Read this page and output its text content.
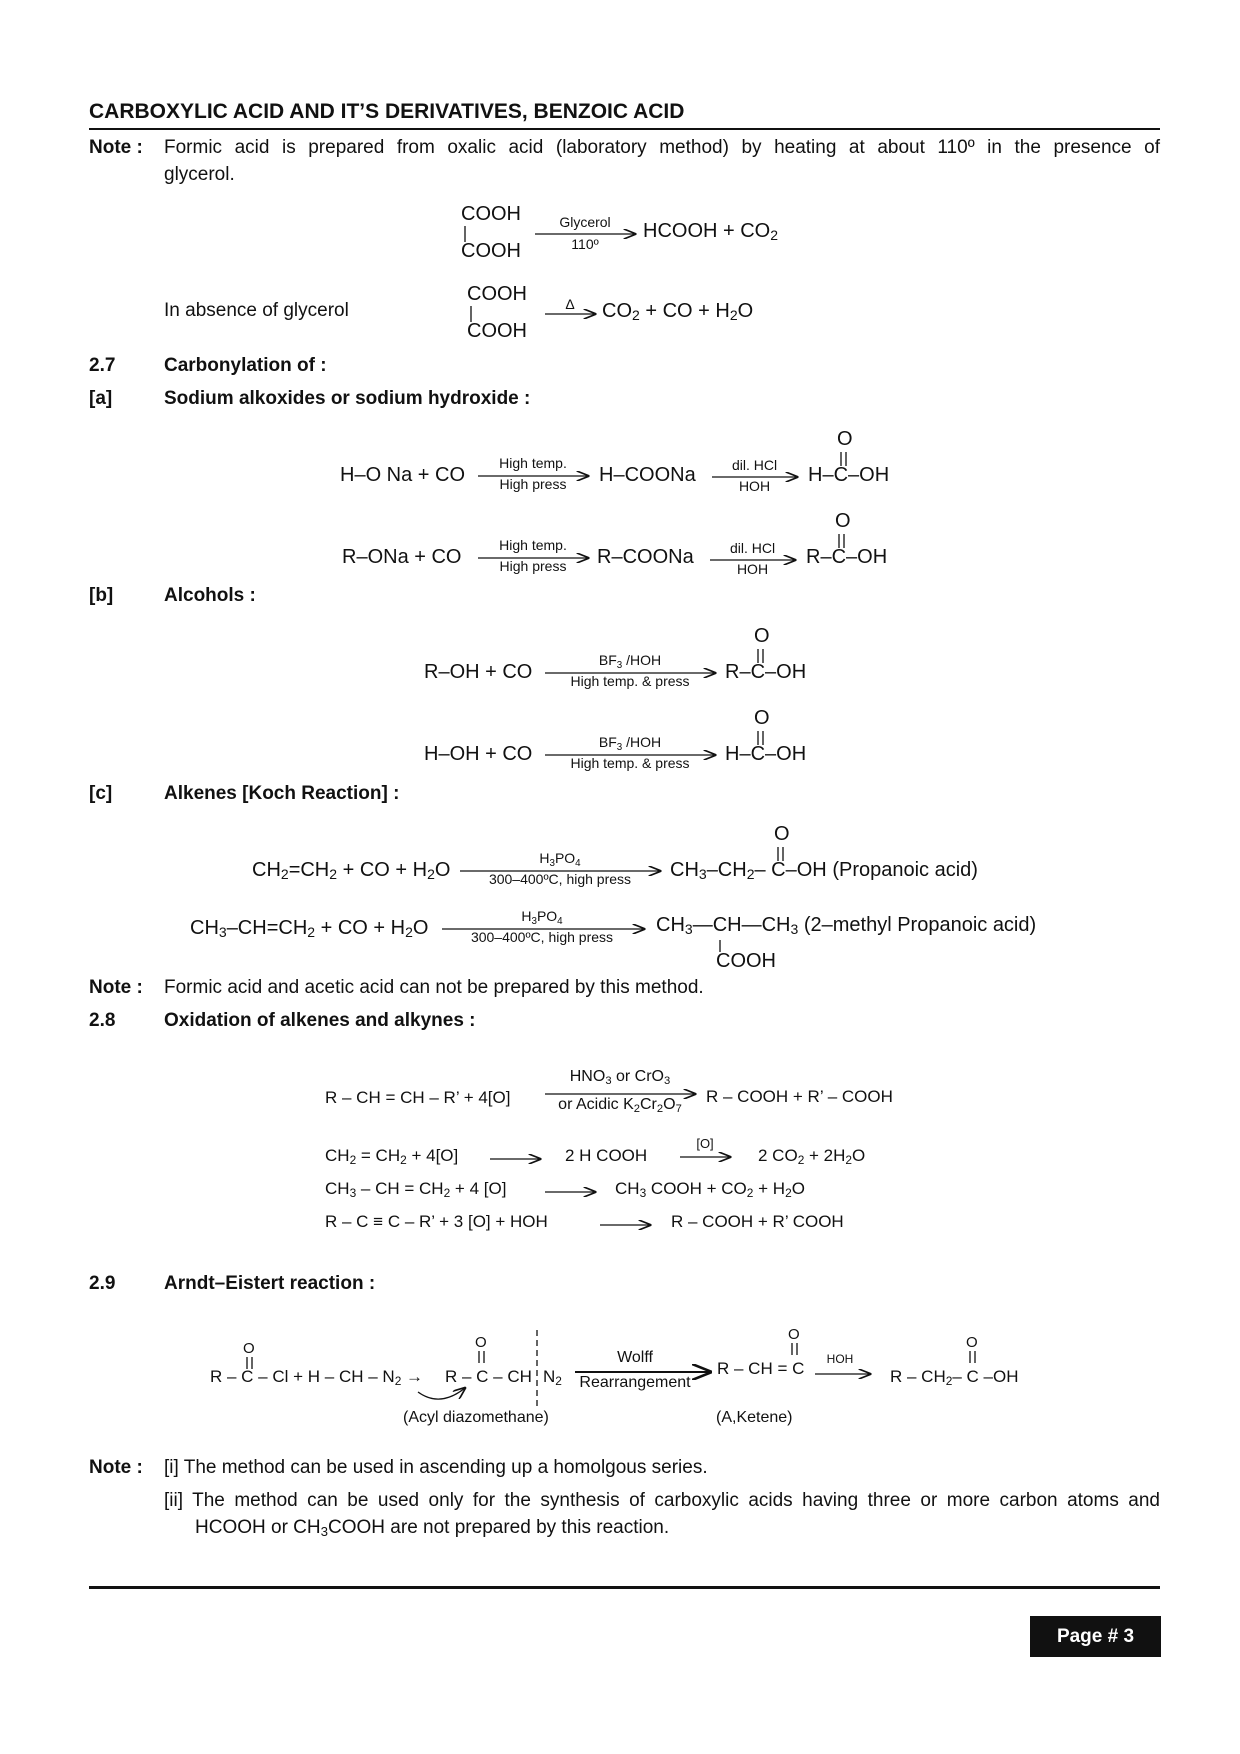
CARBOXYLIC ACID AND IT’S DERIVATIVES, BENZOIC ACID
Note : Formic acid is prepared from oxalic acid (laboratory method) by heating at about 110º in the presence of
glycerol.
COOH
COOH
Glycerol
110º
HCOOH + $CO_2$
In absence of glycerol
COOH
COOH
Δ	$CO_2$ + CO + $H_2O$
2.7	Carbonylation of :
[a]	Sodium alkoxides or sodium hydroxide :
H–O Na + CO
High temp.
High press	H–COONa	dil. HCl
HOH	H–C–OH
O
R–ONa + CO
High temp.
High press	R–COONa	dil. HCl
HOH
R–C–OH
O
[b]	Alcohols :
R–OH + CO
$BF_3$ /HOH
High temp. & press	R–C–OH
O
H–OH + CO
$BF_3$ /HOH
High temp. & press	H–C–OH
O
[c]	Alkenes [Koch Reaction] :
$CH_2=CH_2$ + CO + $H_2O$
$H_3PO_4$
300–400ºC, high press	$CH_3-CH_2-$ C–OH (Propanoic acid)
O
$CH_3-CH=CH_2$ + CO + $H_2O$
$H_3PO_4$
300–400ºC, high press
$CH_3—CH—CH_3$ (2–methyl Propanoic acid)
COOH
Note : Formic acid and acetic acid can not be prepared by this method.
2.8	Oxidation of alkenes and alkynes :
R – CH = CH – R’ + 4[O]
$HNO_3$ or CrO$_3$
or Acidic $K_2Cr_2O_7$
R – COOH + R’ – COOH
$CH_2 = CH_2 + 4[O]$	2 H COOH
[O]
2 $CO_2 + 2H_2O$
$CH_3$ – CH = $CH_2 + 4$ [O]	$CH_3$ COOH + $CO_2 + H_2O$
R – C ≡ C – R’ + 3 [O] + HOH	R – COOH + R’ COOH
2.9	Arndt–Eistert reaction :
R – C – Cl + H – CH – $N_2$ →
O
R – C – CH
O
$N_2$
Wolff
Rearrangement
R – CH = C
O
HOH
R – $CH_2-$ C –OH
O
(Acyl diazomethane)	(A,Ketene)
Note : [i] The method can be used in ascending up a homolgous series.
[ii] The method can be used only for the synthesis of carboxylic acids having three or more carbon atoms and
HCOOH or $CH_3COOH$ are not prepared by this reaction.
Page # 3
